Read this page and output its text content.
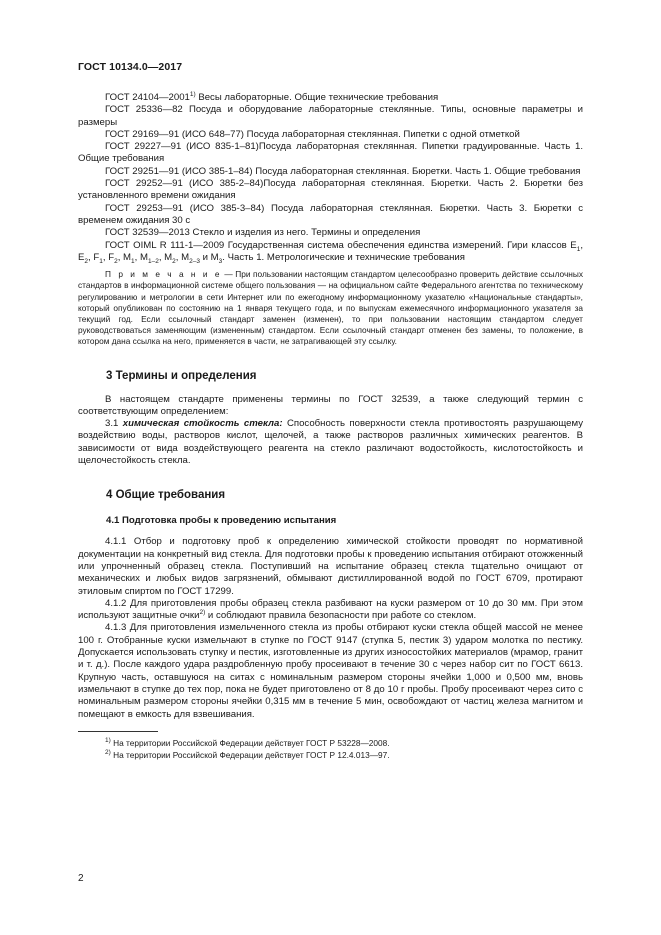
ГОСТ 10134.0—2017

ГОСТ 24104—2001$^{1)}$ Весы лабораторные. Общие технические требования

ГОСТ 25336—82 Посуда и оборудование лабораторные стеклянные. Типы, основные параметры и размеры

ГОСТ 29169—91 (ИСО 648–77) Посуда лабораторная стеклянная. Пипетки с одной отметкой

ГОСТ 29227—91 (ИСО 835-1–81)Посуда лабораторная стеклянная. Пипетки градуированные. Часть 1. Общие требования

ГОСТ 29251—91 (ИСО 385-1–84) Посуда лабораторная стеклянная. Бюретки. Часть 1. Общие требования

ГОСТ 29252—91 (ИСО 385-2–84)Посуда лабораторная стеклянная. Бюретки. Часть 2. Бюретки без установленного времени ожидания

ГОСТ 29253—91 (ИСО 385-3–84) Посуда лабораторная стеклянная. Бюретки. Часть 3. Бюретки с временем ожидания 30 с

ГОСТ 32539—2013 Стекло и изделия из него. Термины и определения

ГОСТ OIML R 111-1—2009 Государственная система обеспечения единства измерений. Гири классов $E_1$, $E_2$, $F_1$, $F_2$, $M_1$, $M_{1-2}$, $M_2$, $M_{2-3}$ и $M_3$. Часть 1. Метрологические и технические требования

П р и м е ч а н и е — При пользовании настоящим стандартом целесообразно проверить действие ссылочных стандартов в информационной системе общего пользования — на официальном сайте Федерального агентства по техническому регулированию и метрологии в сети Интернет или по ежегодному информационному указателю «Национальные стандарты», который опубликован по состоянию на 1 января текущего года, и по выпускам ежемесячного информационного указателя за текущий год. Если ссылочный стандарт заменен (изменен), то при пользовании настоящим стандартом следует руководствоваться заменяющим (измененным) стандартом. Если ссылочный стандарт отменен без замены, то положение, в котором дана ссылка на него, применяется в части, не затрагивающей эту ссылку.

3 Термины и определения

В настоящем стандарте применены термины по ГОСТ 32539, а также следующий термин с соответствующим определением:

3.1 химическая стойкость стекла: Способность поверхности стекла противостоять разрушающему воздействию воды, растворов кислот, щелочей, а также растворов различных химических реагентов. В зависимости от вида воздействующего реагента на стекло различают водостойкость, кислотостойкость и щелочестойкость стекла.

4 Общие требования
4.1 Подготовка пробы к проведению испытания

4.1.1 Отбор и подготовку проб к определению химической стойкости проводят по нормативной документации на конкретный вид стекла. Для подготовки пробы к проведению испытания отбирают отожженный или упрочненный образец стекла. Поступивший на испытание образец стекла тщательно очищают от механических и любых видов загрязнений, обмывают дистиллированной водой по ГОСТ 6709, протирают этиловым спиртом по ГОСТ 17299.

4.1.2 Для приготовления пробы образец стекла разбивают на куски размером от 10 до 30 мм. При этом используют защитные очки$^{2)}$ и соблюдают правила безопасности при работе со стеклом.

4.1.3 Для приготовления измельченного стекла из пробы отбирают куски стекла общей массой не менее 100 г. Отобранные куски измельчают в ступке по ГОСТ 9147 (ступка 5, пестик 3) ударом молотка по пестику. Допускается использовать ступку и пестик, изготовленные из других износостойких материалов (мрамор, гранит и т. д.). После каждого удара раздробленную пробу просеивают в течение 30 с через набор сит по ГОСТ 6613. Крупную часть, оставшуюся на ситах с номинальным размером стороны ячейки 1,000 и 0,500 мм, вновь измельчают в ступке до тех пор, пока не будет приготовлено от 8 до 10 г пробы. Пробу просеивают через сито с номинальным размером стороны ячейки 0,315 мм в течение 5 мин, освобождают от частиц железа магнитом и помещают в емкость для взвешивания.

$^{1)}$ На территории Российской Федерации действует ГОСТ Р 53228—2008.

$^{2)}$ На территории Российской Федерации действует ГОСТ Р 12.4.013—97.

2
